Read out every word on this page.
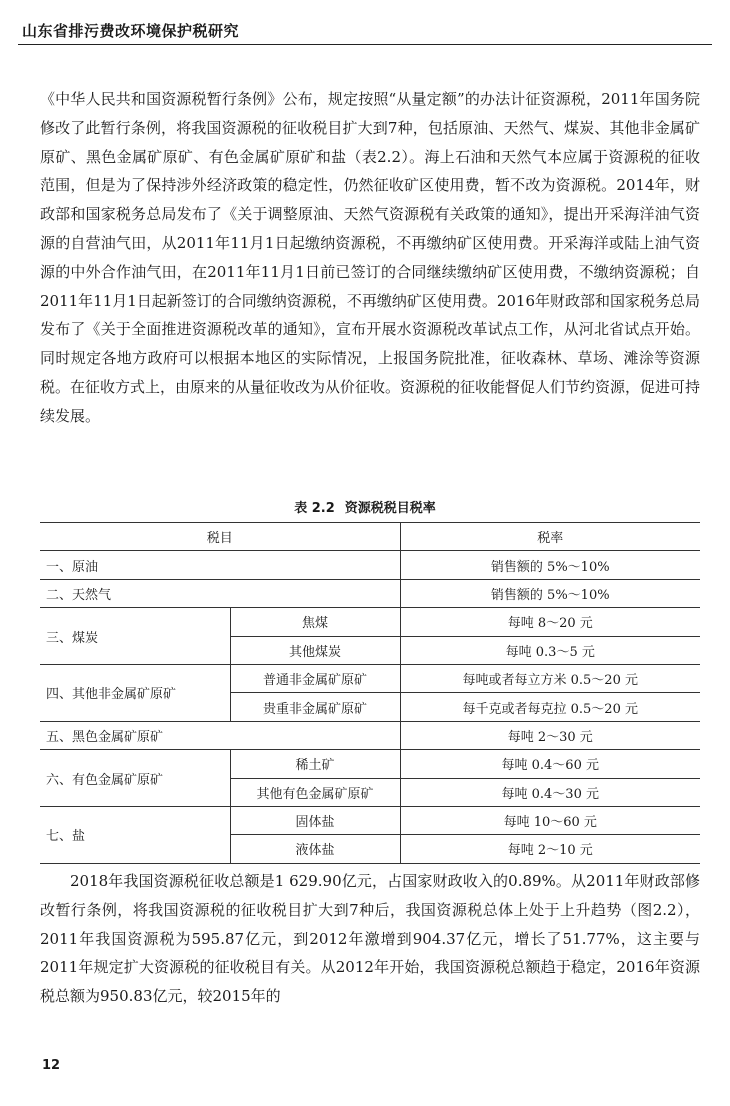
山东省排污费改环境保护税研究

《中华人民共和国资源税暂行条例》公布，规定按照“从量定额”的办法计征资源税，2011年国务院修改了此暂行条例，将我国资源税的征收税目扩大到7种，包括原油、天然气、煤炭、其他非金属矿原矿、黑色金属矿原矿、有色金属矿原矿和盐（表2.2）。海上石油和天然气本应属于资源税的征收范围，但是为了保持涉外经济政策的稳定性，仍然征收矿区使用费，暂不改为资源税。2014年，财政部和国家税务总局发布了《关于调整原油、天然气资源税有关政策的通知》，提出开采海洋油气资源的自营油气田，从2011年11月1日起缴纳资源税，不再缴纳矿区使用费。开采海洋或陆上油气资源的中外合作油气田，在2011年11月1日前已签订的合同继续缴纳矿区使用费，不缴纳资源税；自2011年11月1日起新签订的合同缴纳资源税，不再缴纳矿区使用费。2016年财政部和国家税务总局发布了《关于全面推进资源税改革的通知》，宣布开展水资源税改革试点工作，从河北省试点开始。同时规定各地方政府可以根据本地区的实际情况，上报国务院批准，征收森林、草场、滩涂等资源税。在征收方式上，由原来的从量征收改为从价征收。资源税的征收能督促人们节约资源，促进可持续发展。

表 2.2 资源税税目税率
税目		税率
一、原油		销售额的 5%～10%
二、天然气		销售额的 5%～10%
三、煤炭	焦煤	每吨 8～20 元
	其他煤炭	每吨 0.3～5 元
四、其他非金属矿原矿	普通非金属矿原矿	每吨或者每立方米 0.5～20 元
	贵重非金属矿原矿	每千克或者每克拉 0.5～20 元
五、黑色金属矿原矿		每吨 2～30 元
六、有色金属矿原矿	稀土矿	每吨 0.4～60 元
	其他有色金属矿原矿	每吨 0.4～30 元
七、盐	固体盐	每吨 10～60 元
	液体盐	每吨 2～10 元

2018年我国资源税征收总额是1 629.90亿元，占国家财政收入的0.89%。从2011年财政部修改暂行条例，将我国资源税的征收税目扩大到7种后，我国资源税总体上处于上升趋势（图2.2），2011年我国资源税为595.87亿元，到2012年激增到904.37亿元，增长了51.77%，这主要与2011年规定扩大资源税的征收税目有关。从2012年开始，我国资源税总额趋于稳定，2016年资源税总额为950.83亿元，较2015年的

12
